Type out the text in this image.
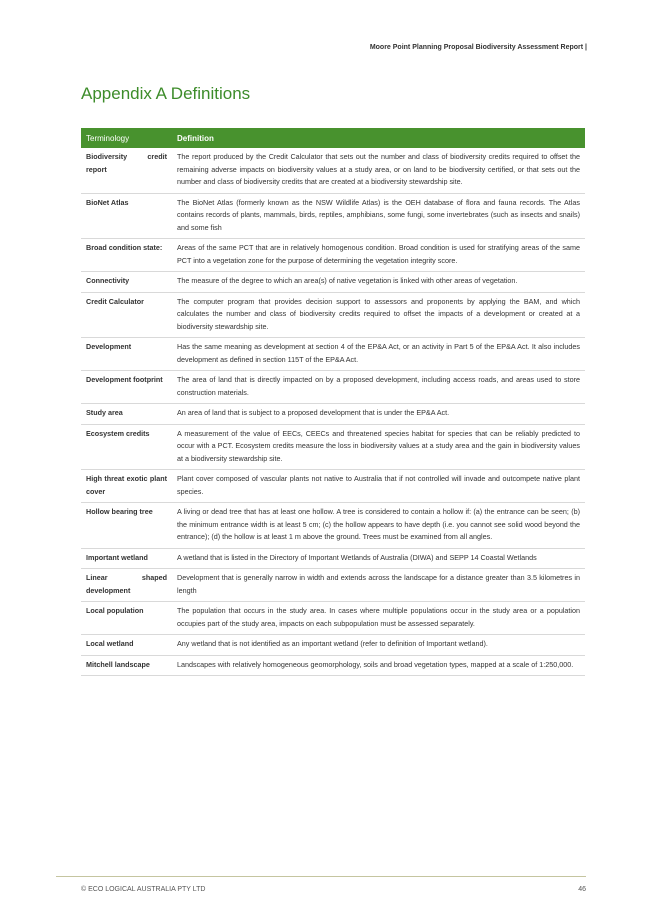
Moore Point Planning Proposal Biodiversity Assessment Report |
Appendix A Definitions
Terminology	Definition
Biodiversity credit report	The report produced by the Credit Calculator that sets out the number and class of biodiversity credits required to offset the remaining adverse impacts on biodiversity values at a study area, or on land to be biodiversity certified, or that sets out the number and class of biodiversity credits that are created at a biodiversity stewardship site.
BioNet Atlas	The BioNet Atlas (formerly known as the NSW Wildlife Atlas) is the OEH database of flora and fauna records. The Atlas contains records of plants, mammals, birds, reptiles, amphibians, some fungi, some invertebrates (such as insects and snails) and some fish
Broad condition state:	Areas of the same PCT that are in relatively homogenous condition. Broad condition is used for stratifying areas of the same PCT into a vegetation zone for the purpose of determining the vegetation integrity score.
Connectivity	The measure of the degree to which an area(s) of native vegetation is linked with other areas of vegetation.
Credit Calculator	The computer program that provides decision support to assessors and proponents by applying the BAM, and which calculates the number and class of biodiversity credits required to offset the impacts of a development or created at a biodiversity stewardship site.
Development	Has the same meaning as development at section 4 of the EP&A Act, or an activity in Part 5 of the EP&A Act. It also includes development as defined in section 115T of the EP&A Act.
Development footprint	The area of land that is directly impacted on by a proposed development, including access roads, and areas used to store construction materials.
Study area	An area of land that is subject to a proposed development that is under the EP&A Act.
Ecosystem credits	A measurement of the value of EECs, CEECs and threatened species habitat for species that can be reliably predicted to occur with a PCT. Ecosystem credits measure the loss in biodiversity values at a study area and the gain in biodiversity values at a biodiversity stewardship site.
High threat exotic plant cover	Plant cover composed of vascular plants not native to Australia that if not controlled will invade and outcompete native plant species.
Hollow bearing tree	A living or dead tree that has at least one hollow. A tree is considered to contain a hollow if: (a) the entrance can be seen; (b) the minimum entrance width is at least 5 cm; (c) the hollow appears to have depth (i.e. you cannot see solid wood beyond the entrance); (d) the hollow is at least 1 m above the ground. Trees must be examined from all angles.
Important wetland	A wetland that is listed in the Directory of Important Wetlands of Australia (DIWA) and SEPP 14 Coastal Wetlands
Linear shaped development	Development that is generally narrow in width and extends across the landscape for a distance greater than 3.5 kilometres in length
Local population	The population that occurs in the study area. In cases where multiple populations occur in the study area or a population occupies part of the study area, impacts on each subpopulation must be assessed separately.
Local wetland	Any wetland that is not identified as an important wetland (refer to definition of Important wetland).
Mitchell landscape	Landscapes with relatively homogeneous geomorphology, soils and broad vegetation types, mapped at a scale of 1:250,000.
© ECO LOGICAL AUSTRALIA PTY LTD	46
